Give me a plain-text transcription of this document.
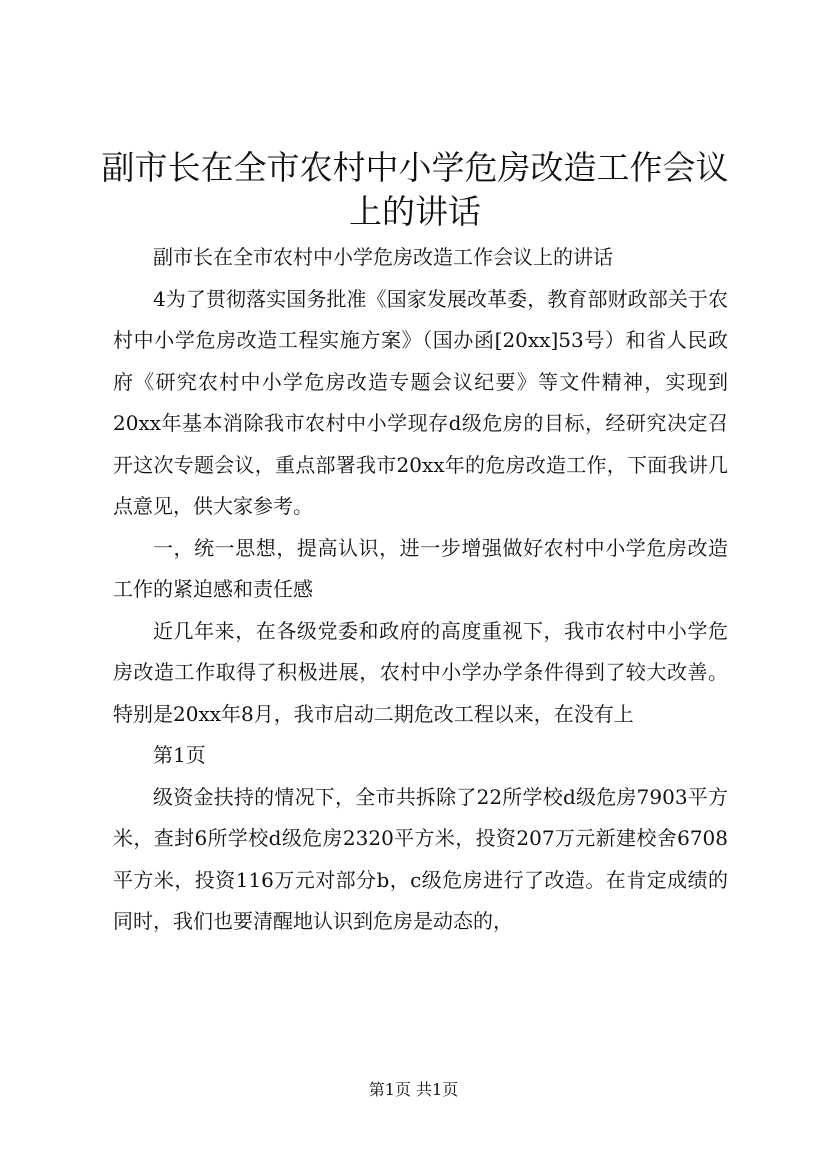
副市长在全市农村中小学危房改造工作会议上的讲话

副市长在全市农村中小学危房改造工作会议上的讲话

4为了贯彻落实国务批准《国家发展改革委，教育部财政部关于农村中小学危房改造工程实施方案》（国办函[20xx]53号）和省人民政府《研究农村中小学危房改造专题会议纪要》等文件精神，实现到20xx年基本消除我市农村中小学现存d级危房的目标，经研究决定召开这次专题会议，重点部署我市20xx年的危房改造工作，下面我讲几点意见，供大家参考。

一，统一思想，提高认识，进一步增强做好农村中小学危房改造工作的紧迫感和责任感

近几年来，在各级党委和政府的高度重视下，我市农村中小学危房改造工作取得了积极进展，农村中小学办学条件得到了较大改善。特别是20xx年8月，我市启动二期危改工程以来，在没有上

第1页

级资金扶持的情况下，全市共拆除了22所学校d级危房7903平方米，查封6所学校d级危房2320平方米，投资207万元新建校舍6708平方米，投资116万元对部分b，c级危房进行了改造。在肯定成绩的同时，我们也要清醒地认识到危房是动态的，

第1页 共1页
